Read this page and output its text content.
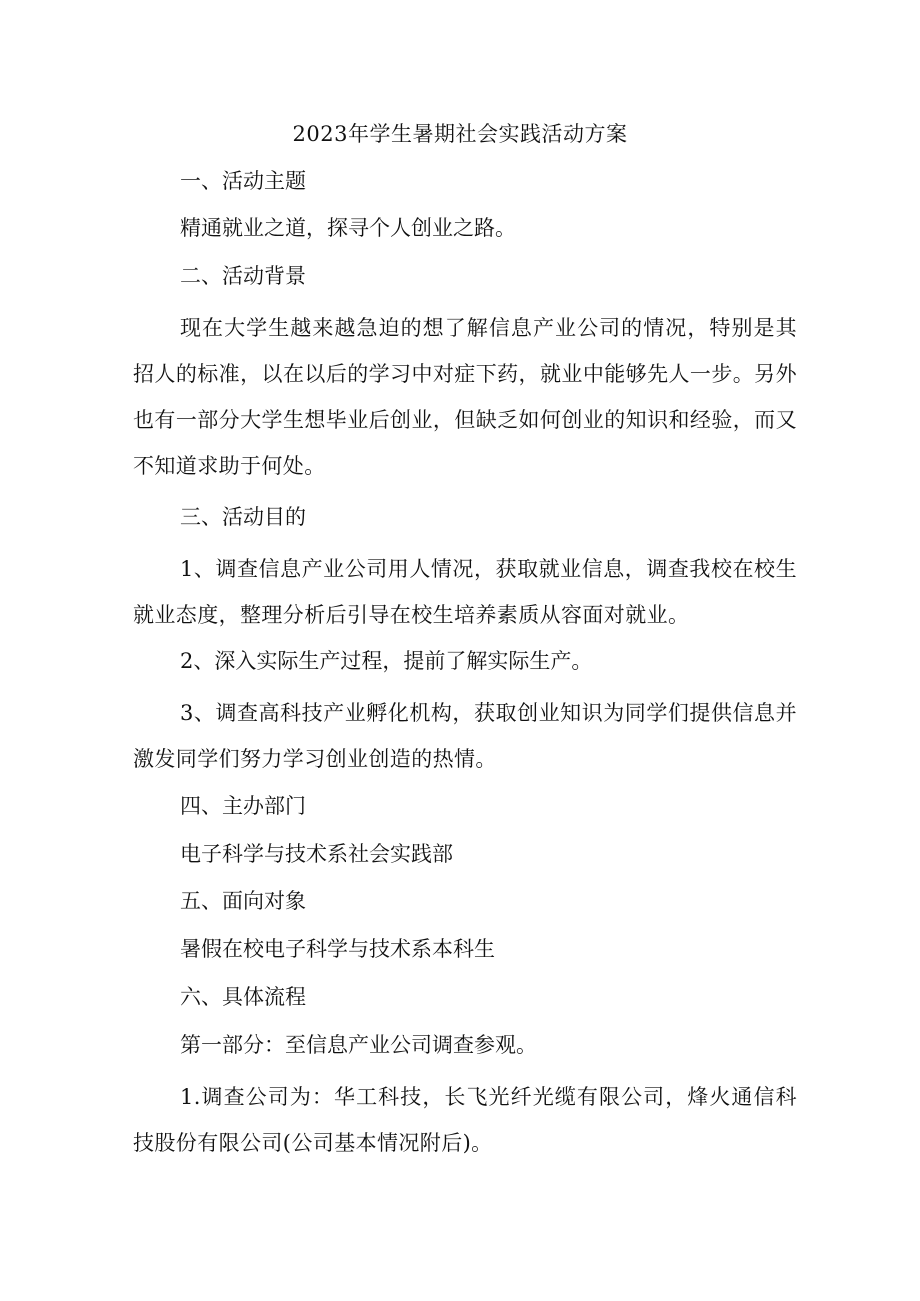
2023年学生暑期社会实践活动方案
一、活动主题
精通就业之道，探寻个人创业之路。
二、活动背景
现在大学生越来越急迫的想了解信息产业公司的情况，特别是其招人的标准，以在以后的学习中对症下药，就业中能够先人一步。另外也有一部分大学生想毕业后创业，但缺乏如何创业的知识和经验，而又不知道求助于何处。
三、活动目的
1、调查信息产业公司用人情况，获取就业信息，调查我校在校生就业态度，整理分析后引导在校生培养素质从容面对就业。
2、深入实际生产过程，提前了解实际生产。
3、调查高科技产业孵化机构，获取创业知识为同学们提供信息并激发同学们努力学习创业创造的热情。
四、主办部门
电子科学与技术系社会实践部
五、面向对象
暑假在校电子科学与技术系本科生
六、具体流程
第一部分：至信息产业公司调查参观。
1.调查公司为：华工科技，长飞光纤光缆有限公司，烽火通信科技股份有限公司(公司基本情况附后)。
